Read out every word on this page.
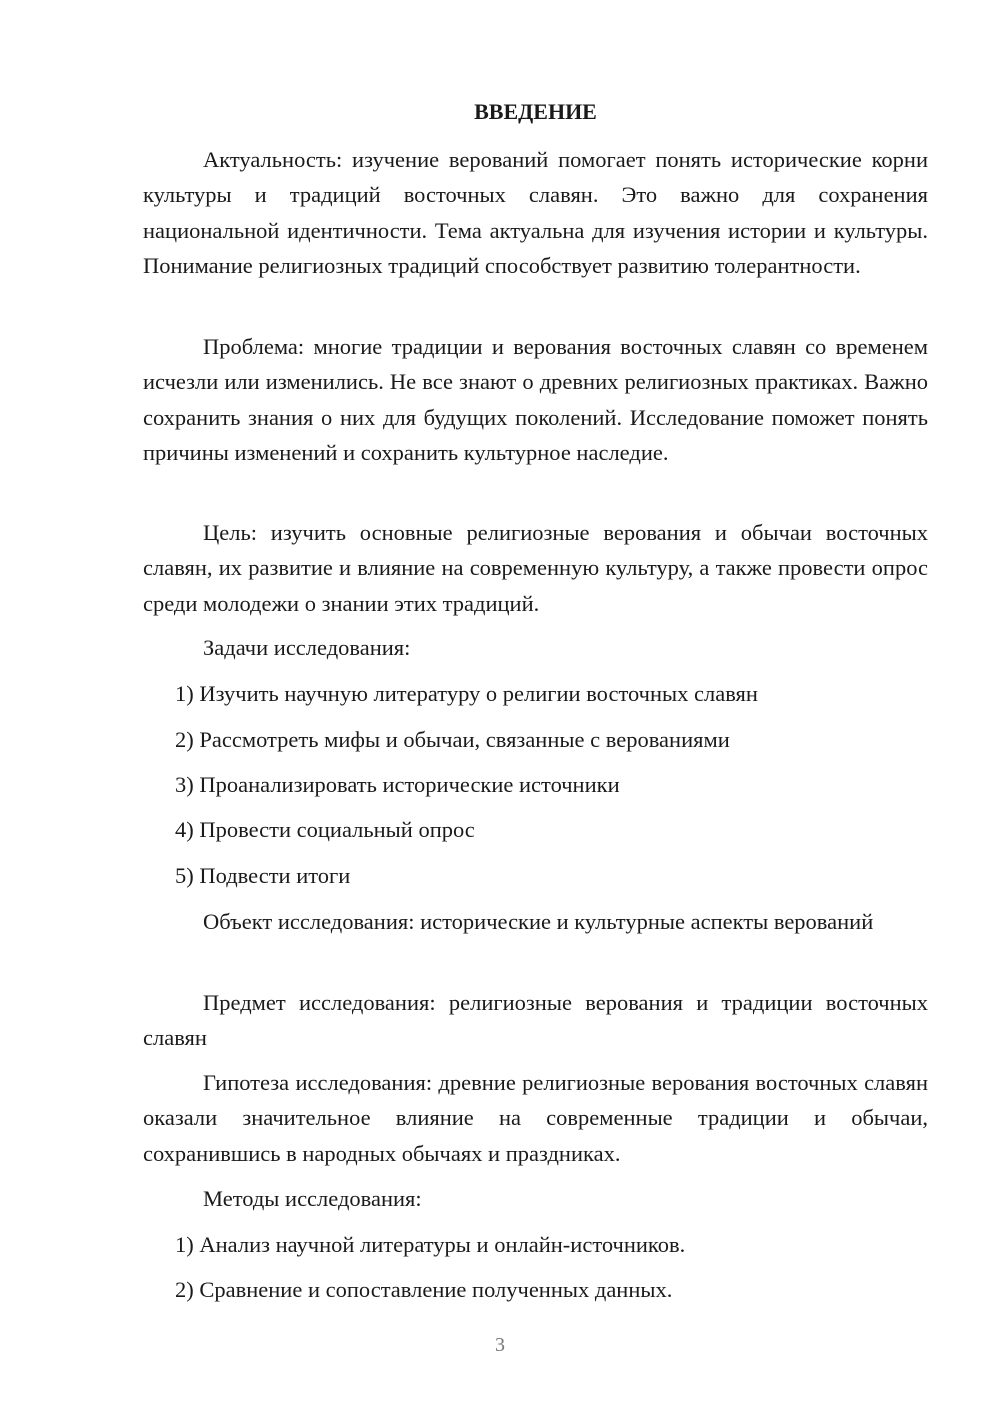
ВВЕДЕНИЕ

Актуальность: изучение верований помогает понять исторические корни культуры и традиций восточных славян. Это важно для сохранения национальной идентичности. Тема актуальна для изучения истории и культуры. Понимание религиозных традиций способствует развитию толерантности.

Проблема: многие традиции и верования восточных славян со временем исчезли или изменились. Не все знают о древних религиозных практиках. Важно сохранить знания о них для будущих поколений. Исследование поможет понять причины изменений и сохранить культурное наследие.

Цель: изучить основные религиозные верования и обычаи восточных славян, их развитие и влияние на современную культуру, а также провести опрос среди молодежи о знании этих традиций.

Задачи исследования:

1) Изучить научную литературу о религии восточных славян
2) Рассмотреть мифы и обычаи, связанные с верованиями
3) Проанализировать исторические источники
4) Провести социальный опрос
5) Подвести итоги

Объект исследования: исторические и культурные аспекты верований

Предмет исследования: религиозные верования и традиции восточных славян

Гипотеза исследования: древние религиозные верования восточных славян оказали значительное влияние на современные традиции и обычаи, сохранившись в народных обычаях и праздниках.

Методы исследования:

1) Анализ научной литературы и онлайн-источников.
2) Сравнение и сопоставление полученных данных.
3
